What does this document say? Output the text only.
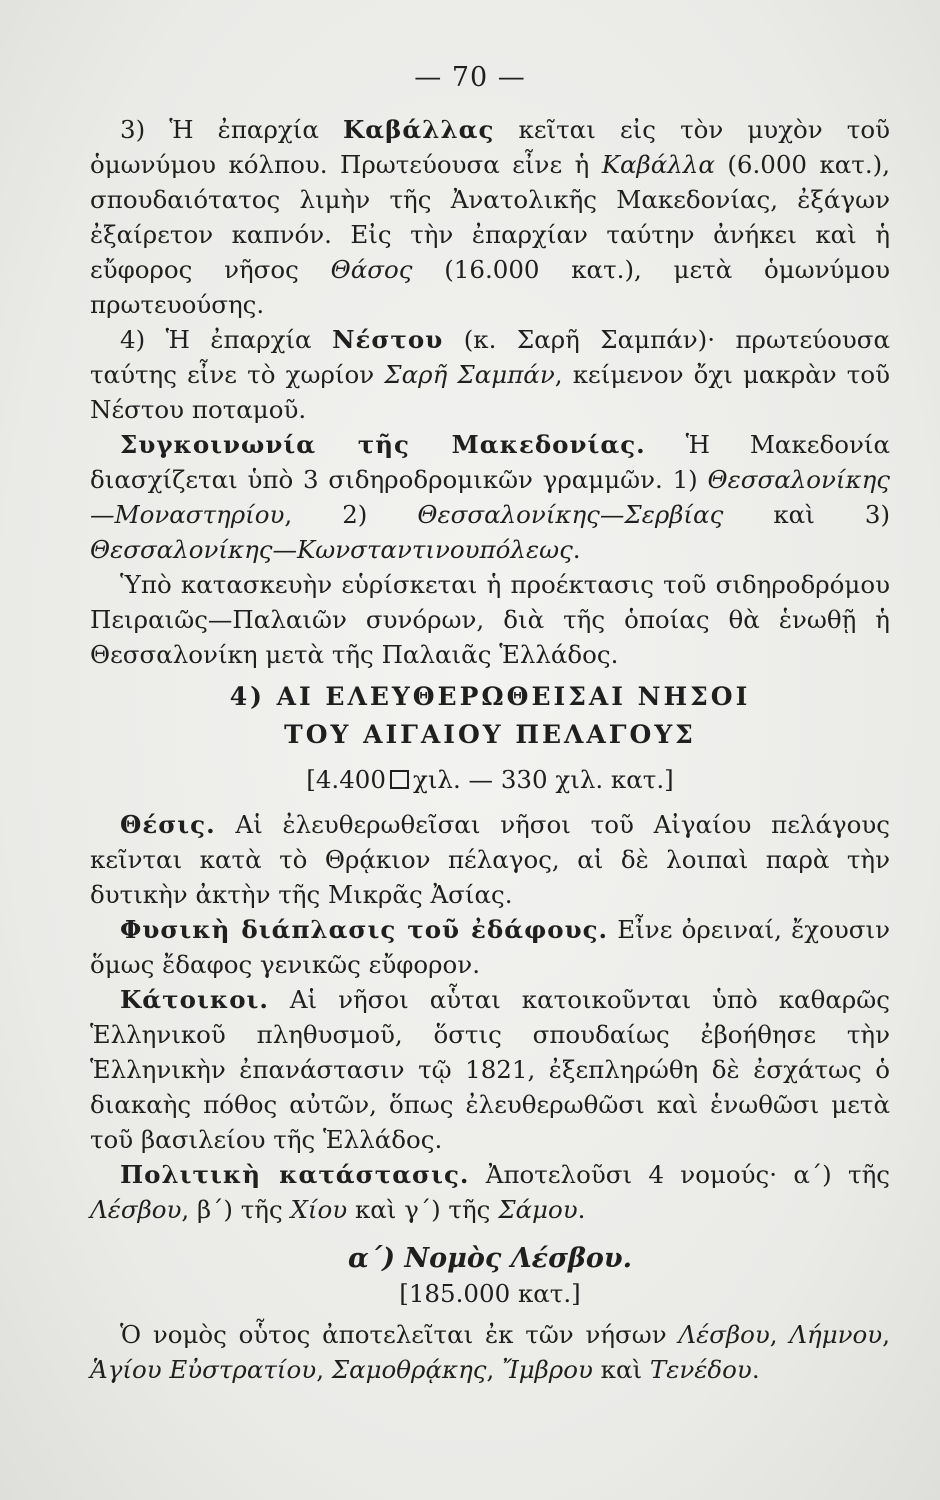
— 70 —

3) Ἡ ἐπαρχία Καβάλλας κεῖται εἰς τὸν μυχὸν τοῦ ὁμωνύμου κόλπου. Πρωτεύουσα εἶνε ἡ Καβάλλα (6.000 κατ.), σπουδαιότατος λιμὴν τῆς Ἀνατολικῆς Μακεδονίας, ἐξάγων ἐξαίρετον καπνόν. Εἰς τὴν ἐπαρχίαν ταύτην ἀνήκει καὶ ἡ εὔφορος νῆσος Θάσος (16.000 κατ.), μετὰ ὁμωνύμου πρωτευούσης.

4) Ἡ ἐπαρχία Νέστου (κ. Σαρῆ Σαμπάν)· πρωτεύουσα ταύτης εἶνε τὸ χωρίον Σαρῆ Σαμπάν, κείμενον ὄχι μακρὰν τοῦ Νέστου ποταμοῦ.

Συγκοινωνία τῆς Μακεδονίας. Ἡ Μακεδονία διασχίζεται ὑπὸ 3 σιδηροδρομικῶν γραμμῶν. 1) Θεσσαλονίκης—Μοναστηρίου, 2) Θεσσαλονίκης—Σερβίας καὶ 3) Θεσσαλονίκης—Κωνσταντινουπόλεως.

Ὑπὸ κατασκευὴν εὑρίσκεται ἡ προέκτασις τοῦ σιδηροδρόμου Πειραιῶς—Παλαιῶν συνόρων, διὰ τῆς ὁποίας θὰ ἑνωθῇ ἡ Θεσσαλονίκη μετὰ τῆς Παλαιᾶς Ἑλλάδος.

4) ΑΙ ΕΛΕΥΘΕΡΩΘΕΙΣΑΙ ΝΗΣΟΙ
ΤΟΥ ΑΙΓΑΙΟΥ ΠΕΛΑΓΟΥΣ
[4.400 χιλ. — 330 χιλ. κατ.]

Θέσις. Αἱ ἐλευθερωθεῖσαι νῆσοι τοῦ Αἰγαίου πελάγους κεῖνται κατὰ τὸ Θρᾴκιον πέλαγος, αἱ δὲ λοιπαὶ παρὰ τὴν δυτικὴν ἀκτὴν τῆς Μικρᾶς Ἀσίας.

Φυσικὴ διάπλασις τοῦ ἐδάφους. Εἶνε ὀρειναί, ἔχουσιν ὅμως ἔδαφος γενικῶς εὔφορον.

Κάτοικοι. Αἱ νῆσοι αὗται κατοικοῦνται ὑπὸ καθαρῶς Ἑλληνικοῦ πληθυσμοῦ, ὅστις σπουδαίως ἐβοήθησε τὴν Ἑλληνικὴν ἐπανάστασιν τῷ 1821, ἐξεπληρώθη δὲ ἐσχάτως ὁ διακαὴς πόθος αὐτῶν, ὅπως ἐλευθερωθῶσι καὶ ἑνωθῶσι μετὰ τοῦ βασιλείου τῆς Ἑλλάδος.

Πολιτικὴ κατάστασις. Ἀποτελοῦσι 4 νομούς· α΄) τῆς Λέσβου, β΄) τῆς Χίου καὶ γ΄) τῆς Σάμου.

α΄) Νομὸς Λέσβου.
[185.000 κατ.]

Ὁ νομὸς οὗτος ἀποτελεῖται ἐκ τῶν νήσων Λέσβου, Λήμνου, Ἁγίου Εὐστρατίου, Σαμοθρᾴκης, Ἴμβρου καὶ Τενέδου.
